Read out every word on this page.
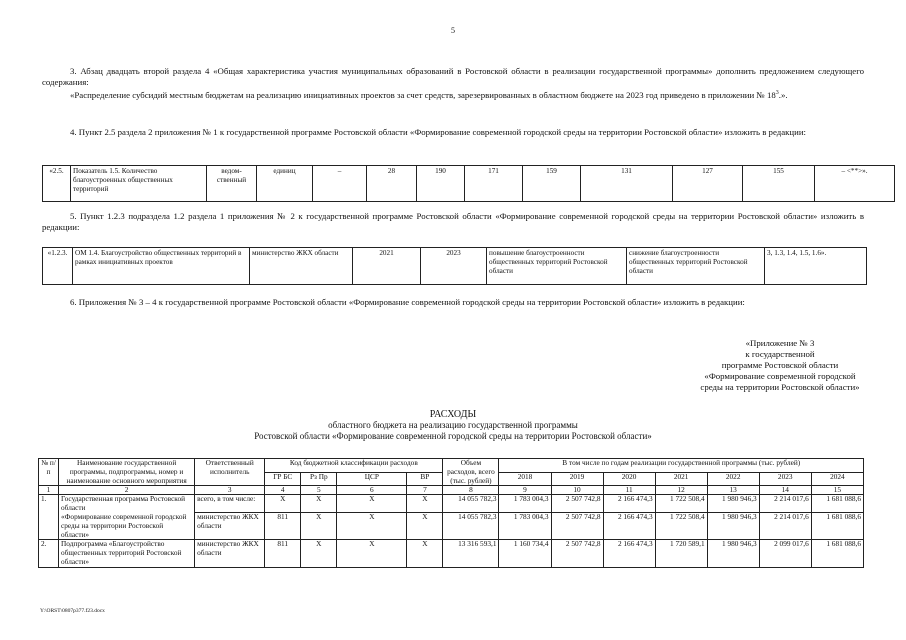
5
3. Абзац двадцать второй раздела 4 «Общая характеристика участия муниципальных образований в Ростовской области в реализации государственной программы» дополнить предложением следующего содержания:
«Распределение субсидий местным бюджетам на реализацию инициативных проектов за счет средств, зарезервированных в областном бюджете на 2023 год приведено в приложении № $18^3$.».
4. Пункт 2.5 раздела 2 приложения № 1 к государственной программе Ростовской области «Формирование современной городской среды на территории Ростовской области» изложить в редакции:
«2.5.	Показатель 1.5. Количество благоустроенных общественных территорий	ведом-ственный	единиц	–	28	190	171	159	131	127	155	– <**>».
5. Пункт 1.2.3 подраздела 1.2 раздела 1 приложения № 2 к государственной программе Ростовской области «Формирование современной городской среды на территории Ростовской области» изложить в редакции:
«1.2.3.	ОМ 1.4. Благоустройство общественных территорий в рамках инициативных проектов	министерство ЖКХ области	2021	2023	повышение благоустроенности общественных территорий Ростовской области	снижение благоустроенности общественных территорий Ростовской области	3, 1.3, 1.4, 1.5, 1.6».
6. Приложения № 3 – 4 к государственной программе Ростовской области «Формирование современной городской среды на территории Ростовской области» изложить в редакции:
«Приложение № 3
к государственной
программе Ростовской области
«Формирование современной городской
среды на территории Ростовской области»
РАСХОДЫ
областного бюджета на реализацию государственной программы
Ростовской области «Формирование современной городской среды на территории Ростовской области»
№ п/п	Наименование государственной программы, подпрограммы, номер и наименование основного мероприятия	Ответственный исполнитель	Код бюджетной классификации расходов				Объем расходов, всего (тыс. рублей)	В том числе по годам реализации государственной программы (тыс. рублей)						
			ГР БС	Рз Пр	ЦСР	ВР		2018	2019	2020	2021	2022	2023	2024
1	2	3	4	5	6	7	8	9	10	11	12	13	14	15
1.	Государственная программа Ростовской области	всего, в том числе:	X	X	X	X	14 055 782,3	1 783 004,3	2 507 742,8	2 166 474,3	1 722 508,4	1 980 946,3	2 214 017,6	1 681 088,6
	«Формирование современной городской среды на территории Ростовской области»	министерство ЖКХ области	811	X	X	X	14 055 782,3	1 783 004,3	2 507 742,8	2 166 474,3	1 722 508,4	1 980 946,3	2 214 017,6	1 681 088,6
2.	Подпрограмма «Благоустройство общественных территорий Ростовской области»	министерство ЖКХ области	811	X	X	X	13 316 593,1	1 160 734,4	2 507 742,8	2 166 474,3	1 720 589,1	1 980 946,3	2 099 017,6	1 681 088,6
Y:\ORST\0807p377.f23.docx
